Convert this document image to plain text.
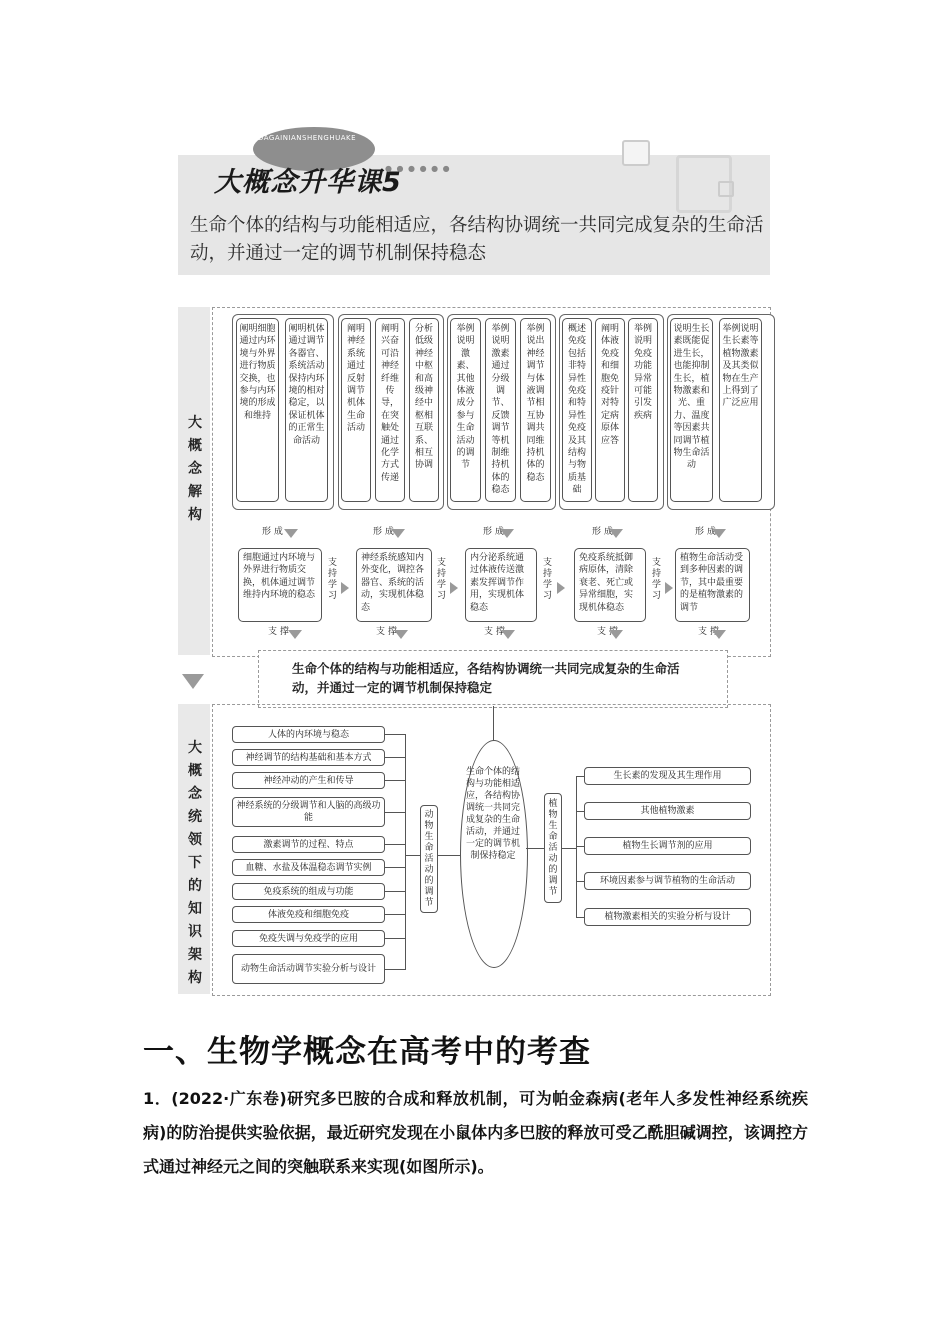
DAGAINIANSHENGHUAKE
大概念升华课5
● ● ● ● ● ●
生命个体的结构与功能相适应，各结构协调统一共同完成复杂的生命活动，并通过一定的调节机制保持稳态
大概念解构
阐明细胞通过内环境与外界进行物质交换，也参与内环境的形成和维持
阐明机体通过调节各器官、系统活动保持内环境的相对稳定，以保证机体的正常生命活动
阐明神经系统通过反射调节机体生命活动
阐明兴奋可沿神经纤维传导，在突触处通过化学方式传递
分析低级神经中枢和高级神经中枢相互联系、相互协调
举例说明激素、其他体液成分参与生命活动的调节
举例说明激素通过分级调节、反馈调节等机制维持机体的稳态
举例说出神经调节与体液调节相互协调共同维持机体的稳态
概述免疫包括非特异性免疫和特异性免疫及其结构与物质基础
阐明体液免疫和细胞免疫针对特定病原体应答
举例说明免疫功能异常可能引发疾病
说明生长素既能促进生长，也能抑制生长，植物激素和光、重力、温度等因素共同调节植物生命活动
举例说明生长素等植物激素及其类似物在生产上得到了广泛应用
形 成	形 成	形 成	形 成	形 成
细胞通过内环境与外界进行物质交换，机体通过调节维持内环境的稳态
神经系统感知内外变化，调控各器官、系统的活动，实现机体稳态
内分泌系统通过体液传送激素发挥调节作用，实现机体稳态
免疫系统抵御病原体，清除衰老、死亡或异常细胞，实现机体稳态
植物生命活动受到多种因素的调节，其中最重要的是植物激素的调节
支持学习
支持学习
支持学习
支持学习
支 撑	支 撑	支 撑	支 撑	支 撑
生命个体的结构与功能相适应，各结构协调统一共同完成复杂的生命活动，并通过一定的调节机制保持稳定
大概念统领下的知识架构
人体的内环境与稳态
神经调节的结构基础和基本方式
神经冲动的产生和传导
神经系统的分级调节和人脑的高级功能
激素调节的过程、特点
血糖、水盐及体温稳态调节实例
免疫系统的组成与功能
体液免疫和细胞免疫
免疫失调与免疫学的应用
动物生命活动调节实验分析与设计
动物生命活动的调节
生命个体的结构与功能相适应，各结构协调统一共同完成复杂的生命活动，并通过一定的调节机制保持稳定
植物生命活动的调节
生长素的发现及其生理作用
其他植物激素
植物生长调节剂的应用
环境因素参与调节植物的生命活动
植物激素相关的实验分析与设计
一、生物学概念在高考中的考查
1．(2022·广东卷)研究多巴胺的合成和释放机制，可为帕金森病(老年人多发性神经系统疾病)的防治提供实验依据，最近研究发现在小鼠体内多巴胺的释放可受乙酰胆碱调控，该调控方式通过神经元之间的突触联系来实现(如图所示)。
